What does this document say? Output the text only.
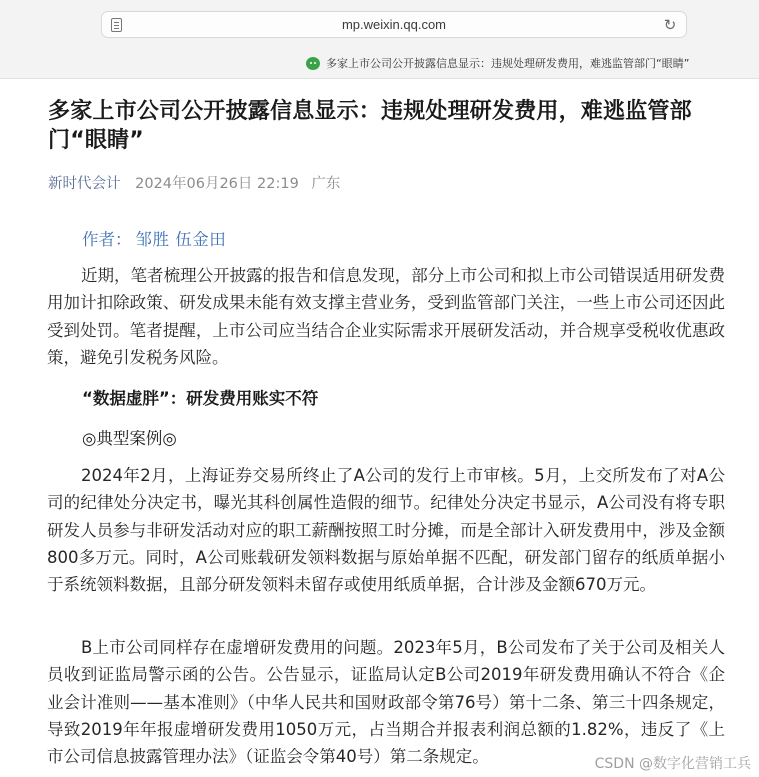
mp.weixin.qq.com	↻
多家上市公司公开披露信息显示：违规处理研发费用，难逃监管部门“眼睛”
多家上市公司公开披露信息显示：违规处理研发费用，难逃监管部门“眼睛”
新时代会计 2024年06月26日 22:19 广东
作者： 邹胜 伍金田

近期，笔者梳理公开披露的报告和信息发现，部分上市公司和拟上市公司错误适用研发费用加计扣除政策、研发成果未能有效支撑主营业务，受到监管部门关注，一些上市公司还因此受到处罚。笔者提醒，上市公司应当结合企业实际需求开展研发活动，并合规享受税收优惠政策，避免引发税务风险。

“数据虚胖”：研发费用账实不符
◎典型案例◎

2024年2月，上海证券交易所终止了A公司的发行上市审核。5月，上交所发布了对A公司的纪律处分决定书，曝光其科创属性造假的细节。纪律处分决定书显示，A公司没有将专职研发人员参与非研发活动对应的职工薪酬按照工时分摊，而是全部计入研发费用中，涉及金额800多万元。同时，A公司账载研发领料数据与原始单据不匹配，研发部门留存的纸质单据小于系统领料数据，且部分研发领料未留存或使用纸质单据，合计涉及金额670万元。

B上市公司同样存在虚增研发费用的问题。2023年5月，B公司发布了关于公司及相关人员收到证监局警示函的公告。公告显示，证监局认定B公司2019年研发费用确认不符合《企业会计准则——基本准则》（中华人民共和国财政部令第76号）第十二条、第三十四条规定，导致2019年年报虚增研发费用1050万元，占当期合并报表利润总额的1.82%，违反了《上市公司信息披露管理办法》（证监会令第40号）第二条规定。	CSDN @数字化营销工兵
